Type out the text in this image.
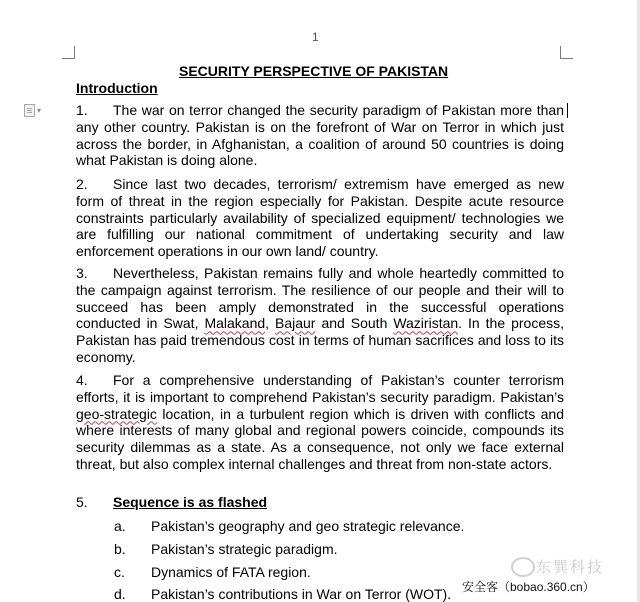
1
SECURITY PERSPECTIVE OF PAKISTAN
Introduction
▾ 1. The war on terror changed the security paradigm of Pakistan more than any other country. Pakistan is on the forefront of War on Terror in which just across the border, in Afghanistan, a coalition of around 50 countries is doing what Pakistan is doing alone.
2. Since last two decades, terrorism/ extremism have emerged as new form of threat in the region especially for Pakistan. Despite acute resource constraints particularly availability of specialized equipment/ technologies we are fulfilling our national commitment of undertaking security and law enforcement operations in our own land/ country.
3. Nevertheless, Pakistan remains fully and whole heartedly committed to the campaign against terrorism. The resilience of our people and their will to succeed has been amply demonstrated in the successful operations conducted in Swat, Malakand, Bajaur and South Waziristan. In the process, Pakistan has paid tremendous cost in terms of human sacrifices and loss to its economy.
4. For a comprehensive understanding of Pakistan’s counter terrorism efforts, it is important to comprehend Pakistan’s security paradigm. Pakistan’s geo-strategic location, in a turbulent region which is driven with conflicts and where interests of many global and regional powers coincide, compounds its security dilemmas as a state. As a consequence, not only we face external threat, but also complex internal challenges and threat from non-state actors.
5. Sequence is as flashed
a. Pakistan’s geography and geo strategic relevance.
b. Pakistan’s strategic paradigm.
c. Dynamics of FATA region.
d. Pakistan’s contributions in War on Terror (WOT).
东巽科技
安全客（bobao.360.cn）
